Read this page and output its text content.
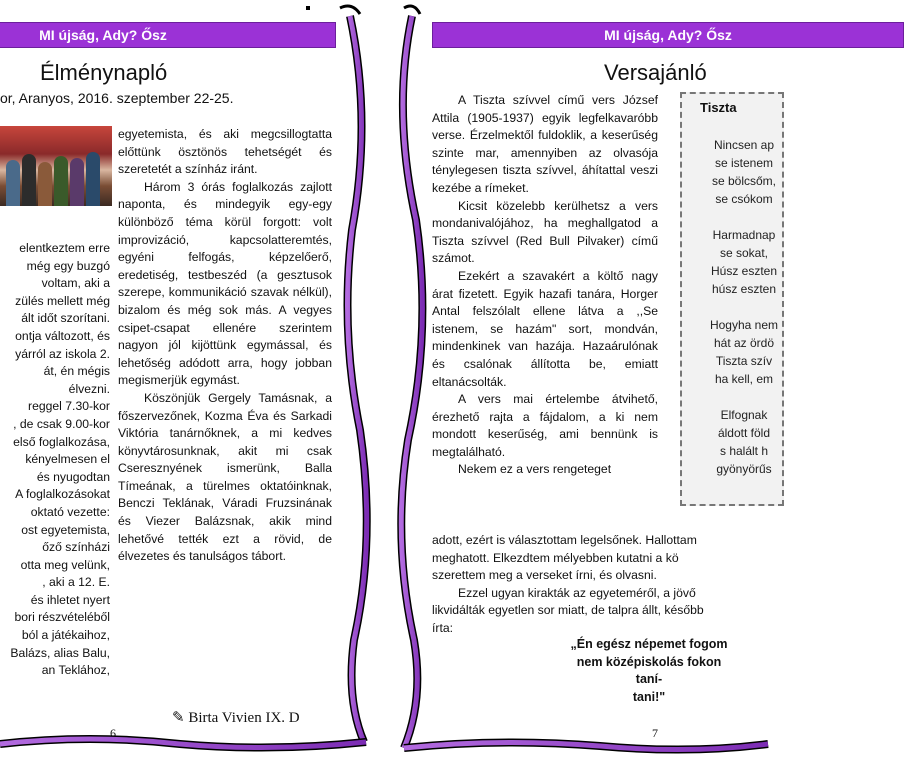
MI újság, Ady? Ősz
Élménynapló
or, Aranyos, 2016. szeptember 22-25.
elentkeztem erre
még egy buzgó
voltam, aki a
zülés mellett még
ált időt szorítani.
ontja változott, és
yárról az iskola 2.
át, én mégis
élvezni.
reggel 7.30-kor
, de csak 9.00-kor
első foglalkozása,
kényelmesen el
és nyugodtan
A foglalkozásokat
oktató vezette:
ost egyetemista,
őző színházi
otta meg velünk,
, aki a 12. E.
és ihletet nyert
bori részvételéből
ból a játékaihoz,
Balázs, alias Balu,
an Teklához,

egyetemista, és aki megcsillogtatta előttünk ösztönös tehetségét és szeretetét a színház iránt.

Három 3 órás foglalkozás zajlott naponta, és mindegyik egy-egy különböző téma körül forgott: volt improvizáció, kapcsolatteremtés, egyéni felfogás, képzelőerő, eredetiség, testbeszéd (a gesztusok szerepe, kommunikáció szavak nélkül), bizalom és még sok más. A vegyes csipet-csapat ellenére szerintem nagyon jól kijöttünk egymással, és lehetőség adódott arra, hogy jobban megismerjük egymást.

Köszönjük Gergely Tamásnak, a főszervezőnek, Kozma Éva és Sarkadi Viktória tanárnőknek, a mi kedves könyvtárosunknak, akit mi csak Cseresznyének ismerünk, Balla Tímeának, a türelmes oktatóinknak, Benczi Teklának, Váradi Fruzsinának és Viezer Balázsnak, akik mind lehetővé tették ezt a rövid, de élvezetes és tanulságos tábort.

✎ Birta Vivien IX. D
6
MI újság, Ady? Ősz
Versajánló

A Tiszta szívvel című vers József Attila (1905-1937) egyik legfelkavaróbb verse. Érzelmektől fuldoklik, a keserűség szinte mar, amennyiben az olvasója ténylegesen tiszta szívvel, áhítattal veszi kezébe a rímeket.

Kicsit közelebb kerülhetsz a vers mondanivalójához, ha meghallgatod a Tiszta szívvel (Red Bull Pilvaker) című számot.

Ezekért a szavakért a költő nagy árat fizetett. Egyik hazafi tanára, Horger Antal felszólalt ellene látva a ,,Se istenem, se hazám" sort, mondván, mindenkinek van hazája. Hazaárulónak és csalónak állította be, emiatt eltanácsolták.

A vers mai értelembe átvihető, érezhető rajta a fájdalom, a ki nem mondott keserűség, ami bennünk is megtalálható.

Nekem ez a vers rengeteget

adott, ezért is választottam legelsőnek. Hallottam
meghatott. Elkezdtem mélyebben kutatni a kö
szerettem meg a verseket írni, és olvasni.
Ezzel ugyan kirakták az egyeteméről, a jövő
likvidálták egyetlen sor miatt, de talpra állt, később
írta:
„Én egész népemet fogom
nem középiskolás fokon
taní-
tani!"
7
Tiszta
Nincsen ap
se istenem
se bölcsőm,
se csókom
Harmadnap
se sokat,
Húsz eszten
húsz eszten
Hogyha nem
hát az ördö
Tiszta szív
ha kell, em
Elfognak
áldott föld
s halált h
gyönyörűs
